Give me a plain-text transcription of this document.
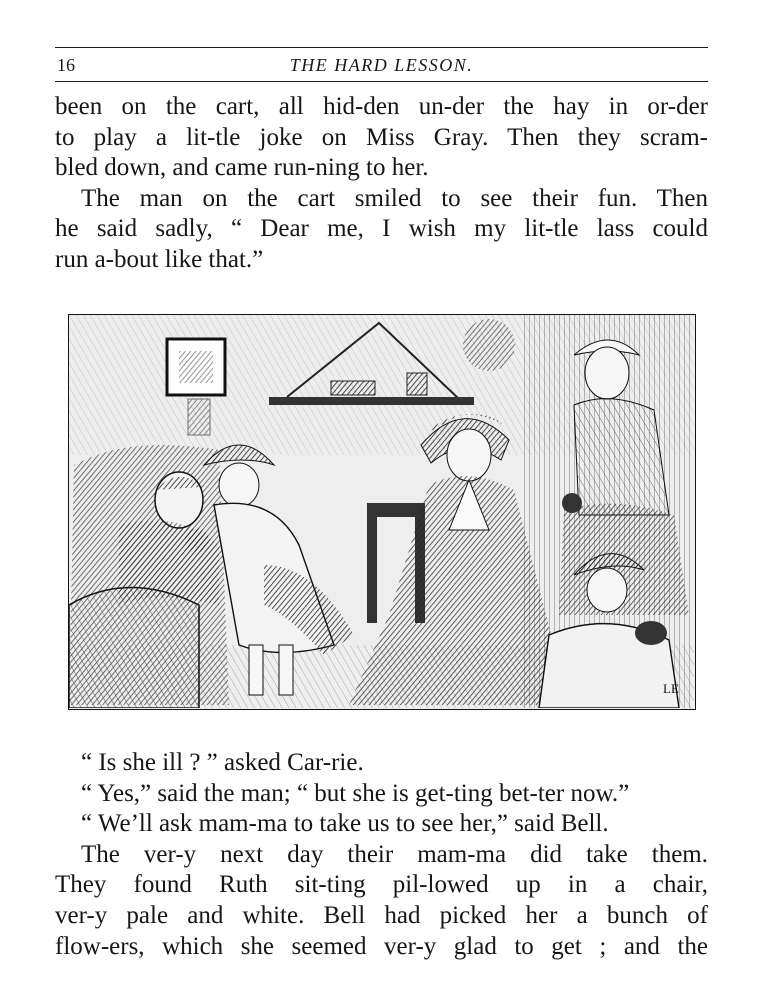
16	THE HARD LESSON.
been on the cart, all hid-den un-der the hay in or-der
to play a lit-tle joke on Miss Gray. Then they scram-
bled down, and came run-ning to her.
The man on the cart smiled to see their fun. Then
he said sadly, “ Dear me, I wish my lit-tle lass could
run a-bout like that.”
LE
“ Is she ill ? ” asked Car-rie.
“ Yes,” said the man; “ but she is get-ting bet-ter now.”
“ We’ll ask mam-ma to take us to see her,” said Bell.
The ver-y next day their mam-ma did take them.
They found Ruth sit-ting pil-lowed up in a chair,
ver-y pale and white. Bell had picked her a bunch of
flow-ers, which she seemed ver-y glad to get ; and the
